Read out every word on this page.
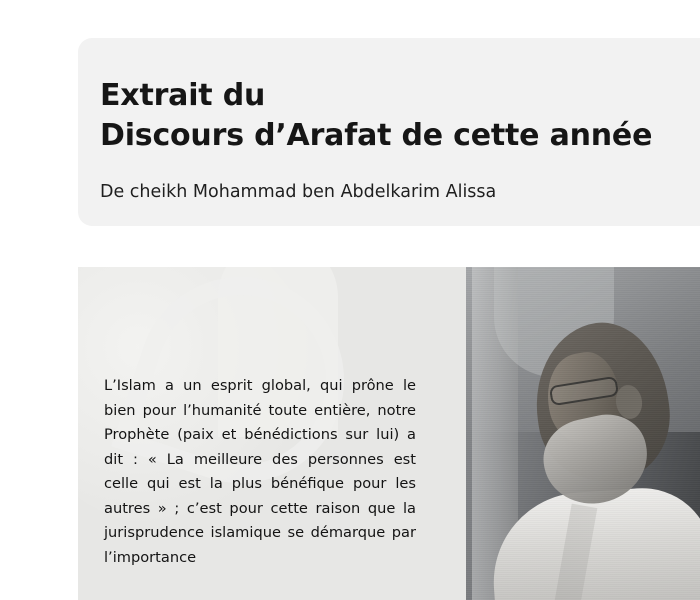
Extrait du
Discours d’Arafat de cette année
De cheikh Mohammad ben Abdelkarim Alissa
L’Islam a un esprit global, qui prône le bien pour l’humanité toute entière, notre Prophète (paix et bénédictions sur lui) a dit : « La meilleure des personnes est celle qui est la plus bénéfique pour les autres » ; c’est pour cette raison que la jurisprudence islamique se démarque par l’importance
